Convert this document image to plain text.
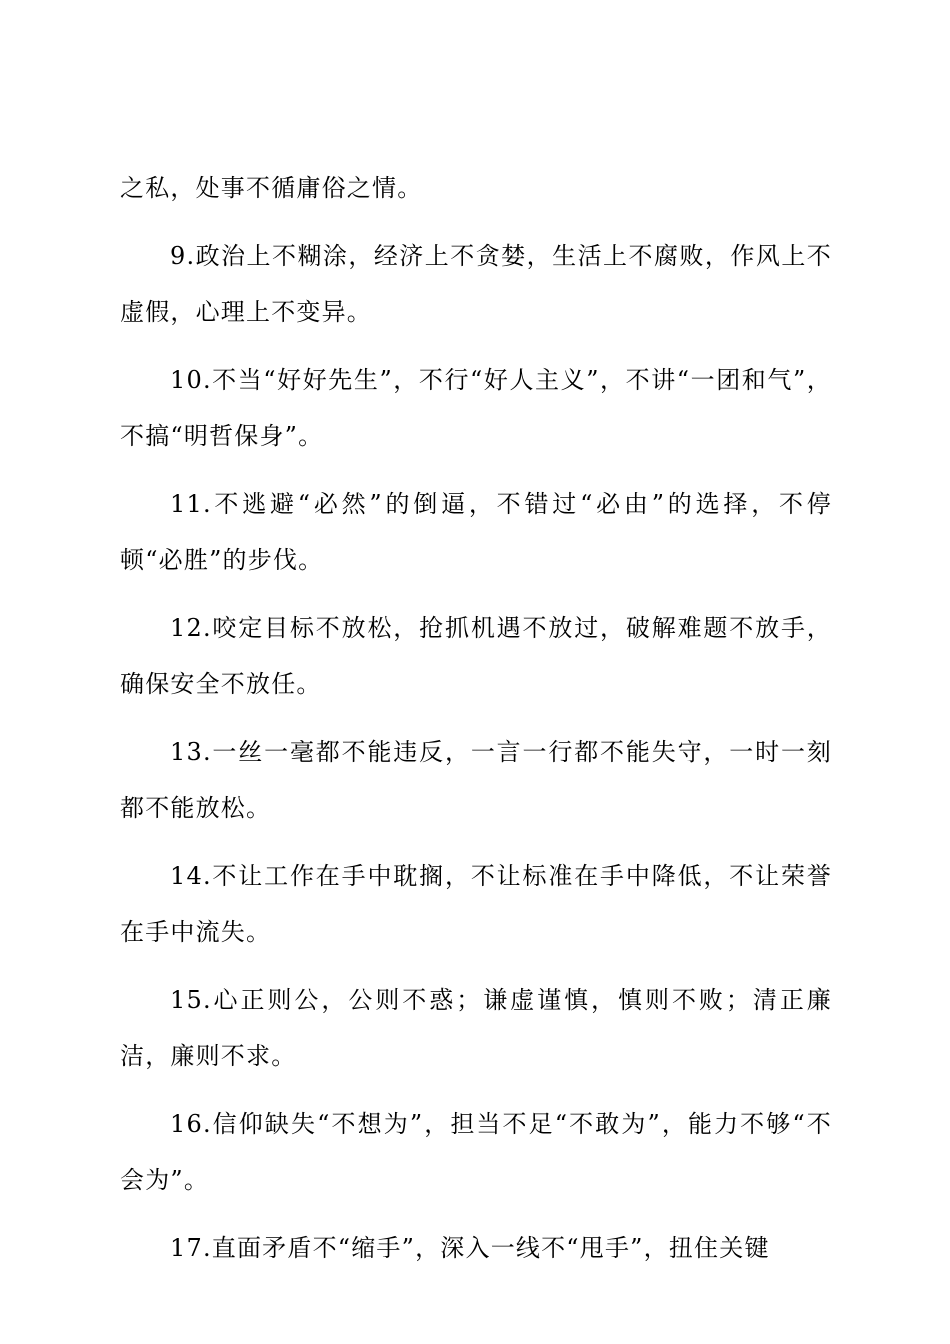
之私，处事不循庸俗之情。

9.政治上不糊涂，经济上不贪婪，生活上不腐败，作风上不虚假，心理上不变异。

10.不当“好好先生”，不行“好人主义”，不讲“一团和气”，不搞“明哲保身”。

11.不逃避“必然”的倒逼，不错过“必由”的选择，不停顿“必胜”的步伐。

12.咬定目标不放松，抢抓机遇不放过，破解难题不放手，确保安全不放任。

13.一丝一毫都不能违反，一言一行都不能失守，一时一刻都不能放松。

14.不让工作在手中耽搁，不让标准在手中降低，不让荣誉在手中流失。

15.心正则公，公则不惑；谦虚谨慎，慎则不败；清正廉洁，廉则不求。

16.信仰缺失“不想为”，担当不足“不敢为”，能力不够“不会为”。

17.直面矛盾不“缩手”，深入一线不“甩手”，扭住关键
